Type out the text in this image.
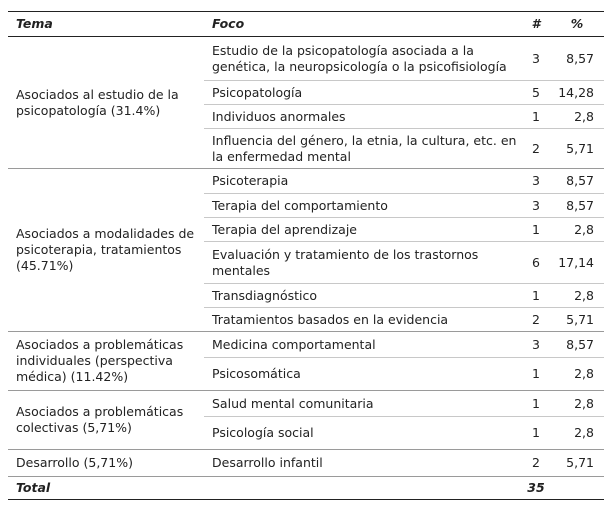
Tema	Foco	#	%
Asociados al estudio de la psicopatología (31.4%)	Estudio de la psicopatología asociada a la genética, la neuropsicología o la psicofisiología	3	8,57
	Psicopatología	5	14,28
	Individuos anormales	1	2,8
	Influencia del género, la etnia, la cultura, etc. en la enfermedad mental	2	5,71
Asociados a modalidades de psicoterapia, tratamientos (45.71%)	Psicoterapia	3	8,57
	Terapia del comportamiento	3	8,57
	Terapia del aprendizaje	1	2,8
	Evaluación y tratamiento de los trastornos mentales	6	17,14
	Transdiagnóstico	1	2,8
	Tratamientos basados en la evidencia	2	5,71
Asociados a problemáticas individuales (perspectiva médica) (11.42%)	Medicina comportamental	3	8,57
	Psicosomática	1	2,8
Asociados a problemáticas colectivas (5,71%)	Salud mental comunitaria	1	2,8
	Psicología social	1	2,8
Desarrollo (5,71%)	Desarrollo infantil	2	5,71
Total		35	
